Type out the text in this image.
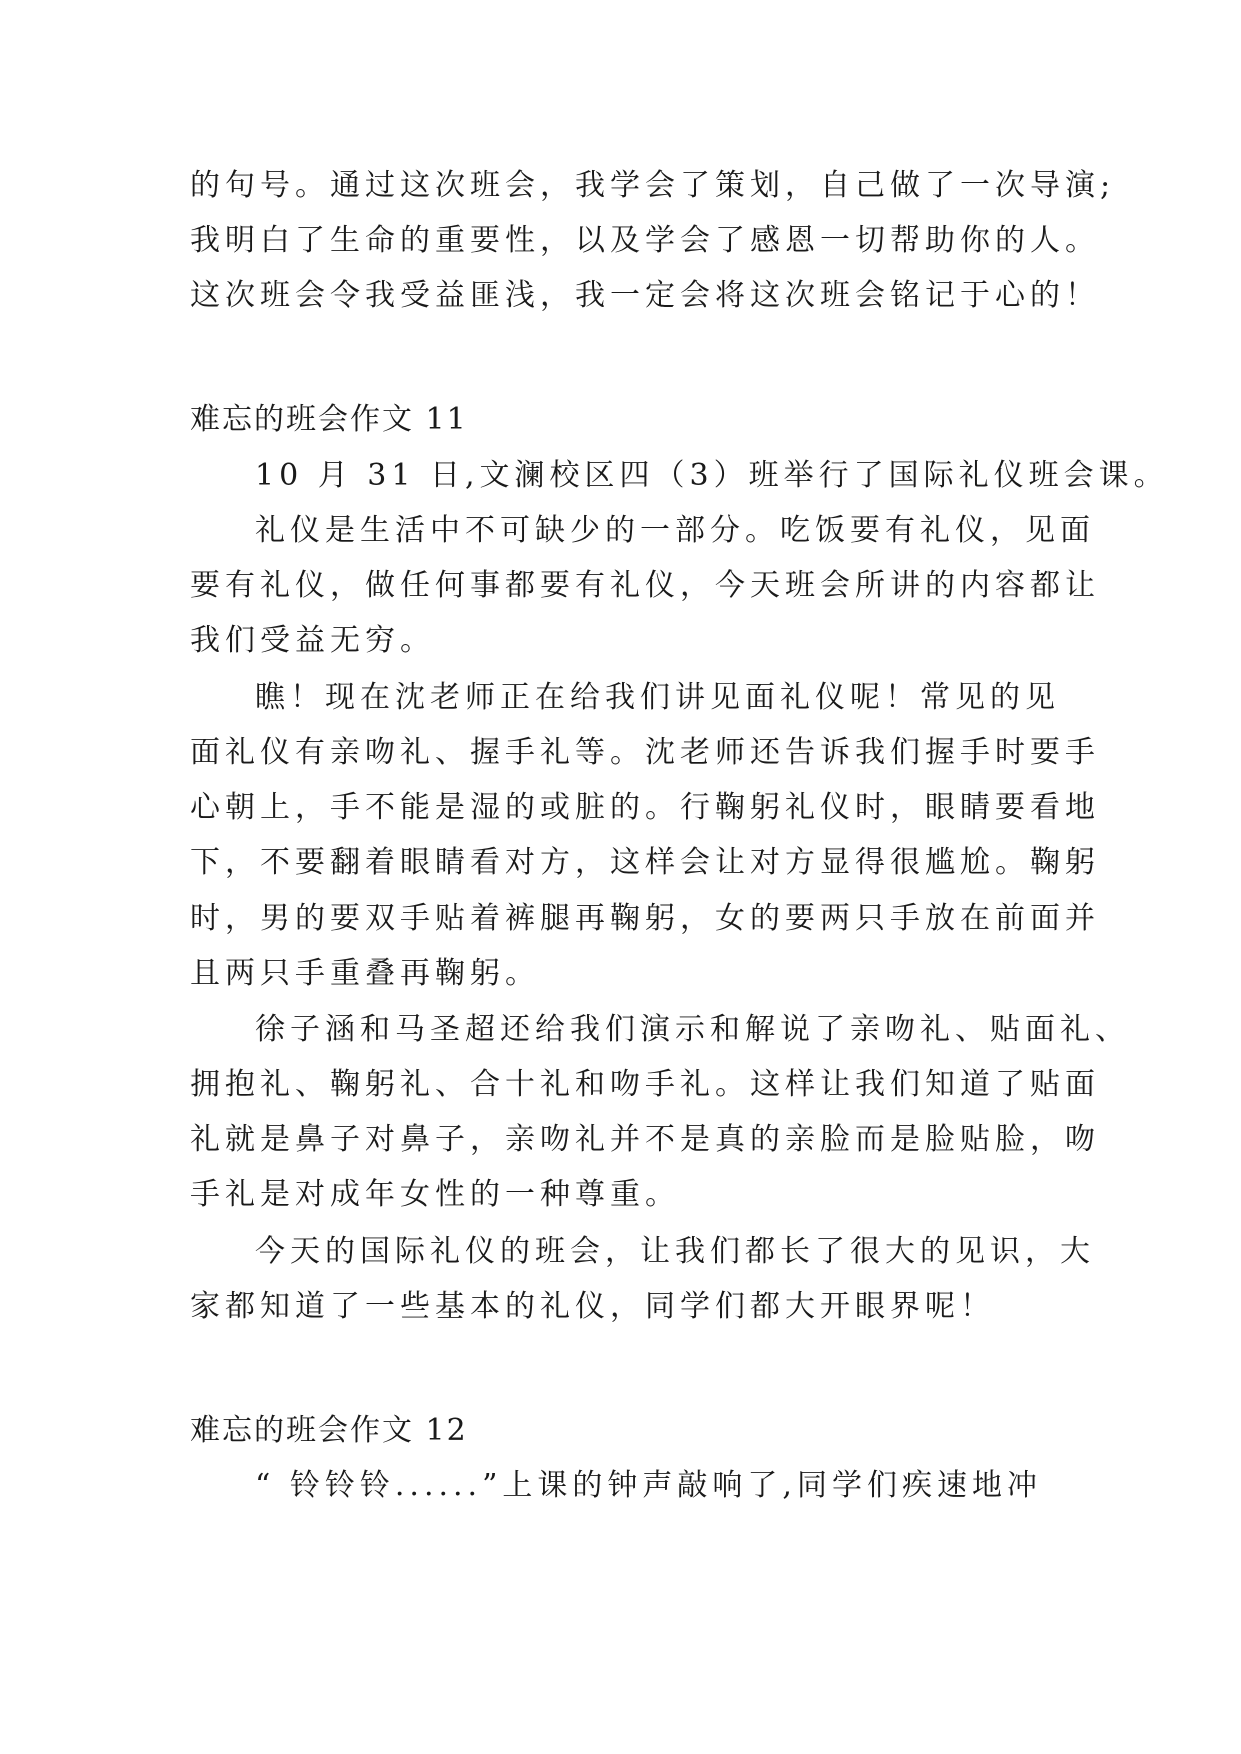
的句号。通过这次班会，我学会了策划，自己做了一次导演;
我明白了生命的重要性，以及学会了感恩一切帮助你的人。
这次班会令我受益匪浅，我一定会将这次班会铭记于心的！
难忘的班会作文 11
10 月 31 日,文澜校区四（3）班举行了国际礼仪班会课。
礼仪是生活中不可缺少的一部分。吃饭要有礼仪，见面
要有礼仪，做任何事都要有礼仪，今天班会所讲的内容都让
我们受益无穷。
瞧！现在沈老师正在给我们讲见面礼仪呢！常见的见
面礼仪有亲吻礼、握手礼等。沈老师还告诉我们握手时要手
心朝上，手不能是湿的或脏的。行鞠躬礼仪时，眼睛要看地
下，不要翻着眼睛看对方，这样会让对方显得很尴尬。鞠躬
时，男的要双手贴着裤腿再鞠躬，女的要两只手放在前面并
且两只手重叠再鞠躬。
徐子涵和马圣超还给我们演示和解说了亲吻礼、贴面礼、
拥抱礼、鞠躬礼、合十礼和吻手礼。这样让我们知道了贴面
礼就是鼻子对鼻子，亲吻礼并不是真的亲脸而是脸贴脸，吻
手礼是对成年女性的一种尊重。
今天的国际礼仪的班会，让我们都长了很大的见识，大
家都知道了一些基本的礼仪，同学们都大开眼界呢！
难忘的班会作文 12
“ 铃铃铃......”上课的钟声敲响了,同学们疾速地冲
